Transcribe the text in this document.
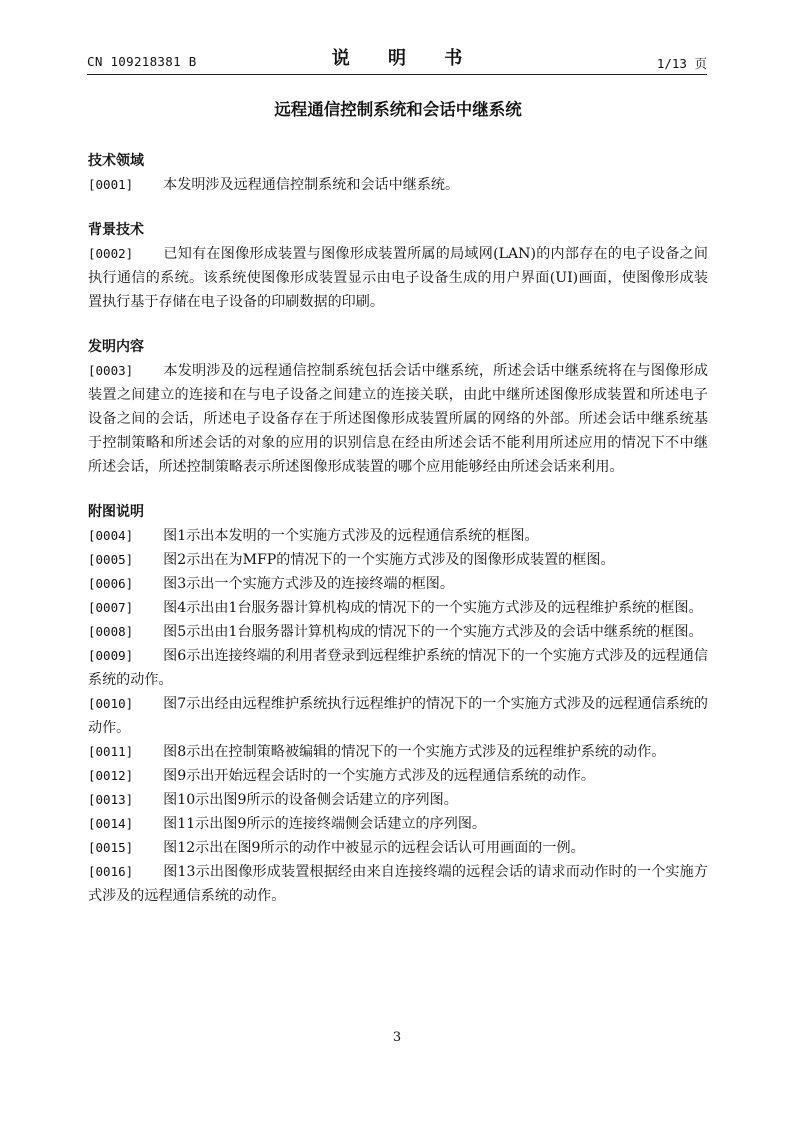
CN 109218381 B	说 明 书	1/13 页
远程通信控制系统和会话中继系统
技术领域

[0001] 本发明涉及远程通信控制系统和会话中继系统。

背景技术

[0002] 已知有在图像形成装置与图像形成装置所属的局域网(LAN)的内部存在的电子设备之间执行通信的系统。该系统使图像形成装置显示由电子设备生成的用户界面(UI)画面，使图像形成装置执行基于存储在电子设备的印刷数据的印刷。

发明内容

[0003] 本发明涉及的远程通信控制系统包括会话中继系统，所述会话中继系统将在与图像形成装置之间建立的连接和在与电子设备之间建立的连接关联，由此中继所述图像形成装置和所述电子设备之间的会话，所述电子设备存在于所述图像形成装置所属的网络的外部。所述会话中继系统基于控制策略和所述会话的对象的应用的识别信息在经由所述会话不能利用所述应用的情况下不中继所述会话，所述控制策略表示所述图像形成装置的哪个应用能够经由所述会话来利用。

附图说明

[0004] 图1示出本发明的一个实施方式涉及的远程通信系统的框图。

[0005] 图2示出在为MFP的情况下的一个实施方式涉及的图像形成装置的框图。

[0006] 图3示出一个实施方式涉及的连接终端的框图。

[0007] 图4示出由1台服务器计算机构成的情况下的一个实施方式涉及的远程维护系统的框图。

[0008] 图5示出由1台服务器计算机构成的情况下的一个实施方式涉及的会话中继系统的框图。

[0009] 图6示出连接终端的利用者登录到远程维护系统的情况下的一个实施方式涉及的远程通信系统的动作。

[0010] 图7示出经由远程维护系统执行远程维护的情况下的一个实施方式涉及的远程通信系统的动作。

[0011] 图8示出在控制策略被编辑的情况下的一个实施方式涉及的远程维护系统的动作。

[0012] 图9示出开始远程会话时的一个实施方式涉及的远程通信系统的动作。

[0013] 图10示出图9所示的设备侧会话建立的序列图。

[0014] 图11示出图9所示的连接终端侧会话建立的序列图。

[0015] 图12示出在图9所示的动作中被显示的远程会话认可用画面的一例。

[0016] 图13示出图像形成装置根据经由来自连接终端的远程会话的请求而动作时的一个实施方式涉及的远程通信系统的动作。

3
